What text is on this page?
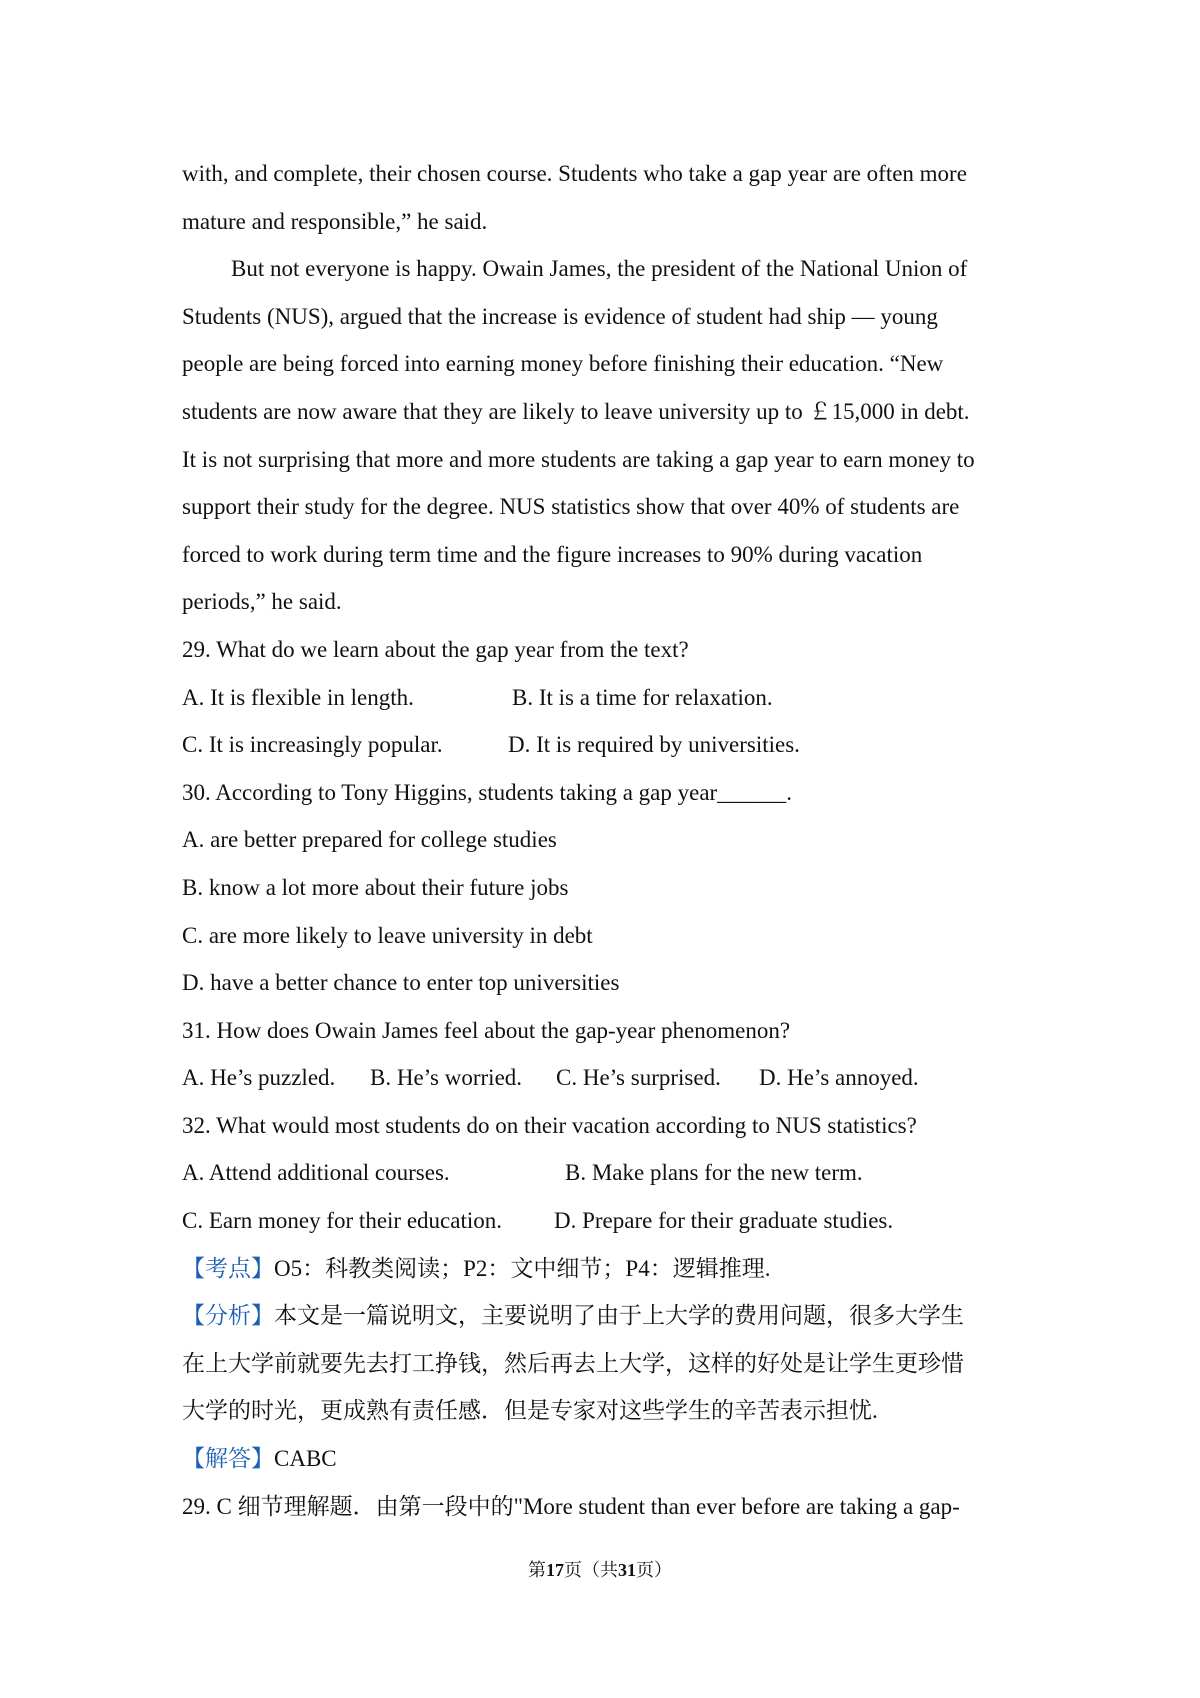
with, and complete, their chosen course. Students who take a gap year are often more
mature and responsible,” he said.
But not everyone is happy. Owain James, the president of the National Union of
Students (NUS), argued that the increase is evidence of student had ship — young
people are being forced into earning money before finishing their education. “New
students are now aware that they are likely to leave university up to ￡15,000 in debt.
It is not surprising that more and more students are taking a gap year to earn money to
support their study for the degree. NUS statistics show that over 40% of students are
forced to work during term time and the figure increases to 90% during vacation
periods,” he said.
29. What do we learn about the gap year from the text?
A. It is flexible in length.	B. It is a time for relaxation.
C. It is increasingly popular.	D. It is required by universities.
30. According to Tony Higgins, students taking a gap year______.
A. are better prepared for college studies
B. know a lot more about their future jobs
C. are more likely to leave university in debt
D. have a better chance to enter top universities
31. How does Owain James feel about the gap-year phenomenon?
A. He’s puzzled.	B. He’s worried.	C. He’s surprised.	D. He’s annoyed.
32. What would most students do on their vacation according to NUS statistics?
A. Attend additional courses.	B. Make plans for the new term.
C. Earn money for their education.	D. Prepare for their graduate studies.
【考点】O5：科教类阅读；P2：文中细节；P4：逻辑推理.
【分析】本文是一篇说明文，主要说明了由于上大学的费用问题，很多大学生
在上大学前就要先去打工挣钱，然后再去上大学，这样的好处是让学生更珍惜
大学的时光，更成熟有责任感．但是专家对这些学生的辛苦表示担忧.
【解答】CABC
29. C 细节理解题．由第一段中的"More student than ever before are taking a gap-
第17页（共31页）
